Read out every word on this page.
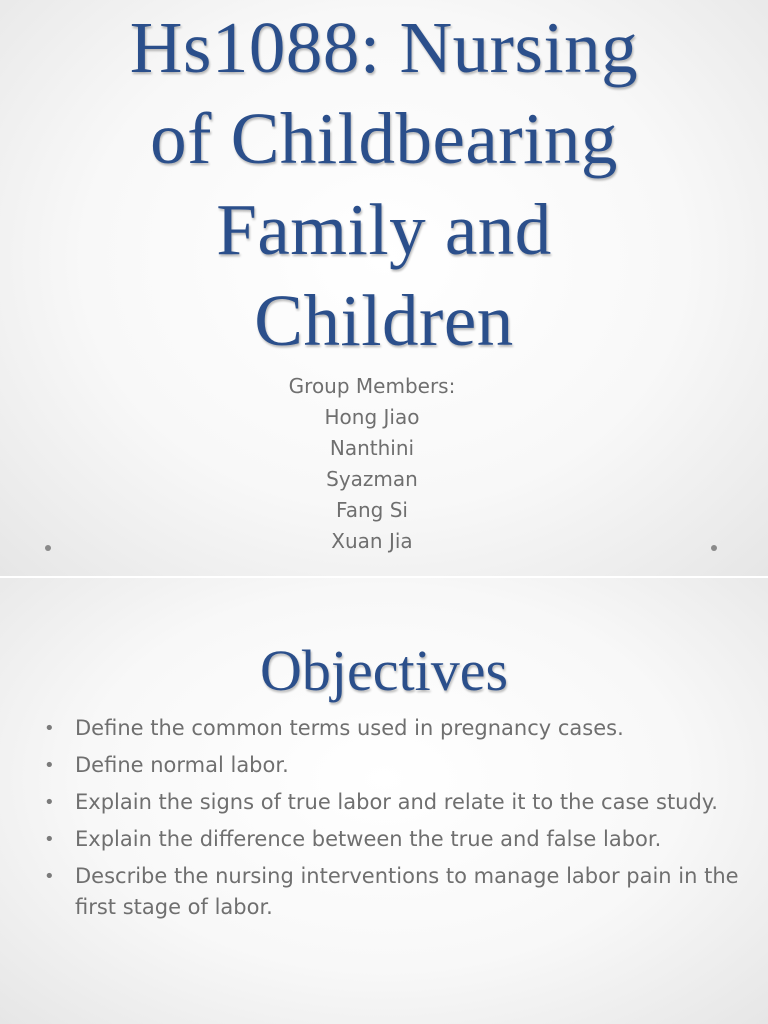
Hs1088: Nursing
of Childbearing
Family and
Children
Group Members:
Hong Jiao
Nanthini
Syazman
Fang Si
Xuan Jia
Objectives
• Define the common terms used in pregnancy cases.
• Define normal labor.
• Explain the signs of true labor and relate it to the case study.
• Explain the difference between the true and false labor.
• Describe the nursing interventions to manage labor pain in the first stage of labor.
